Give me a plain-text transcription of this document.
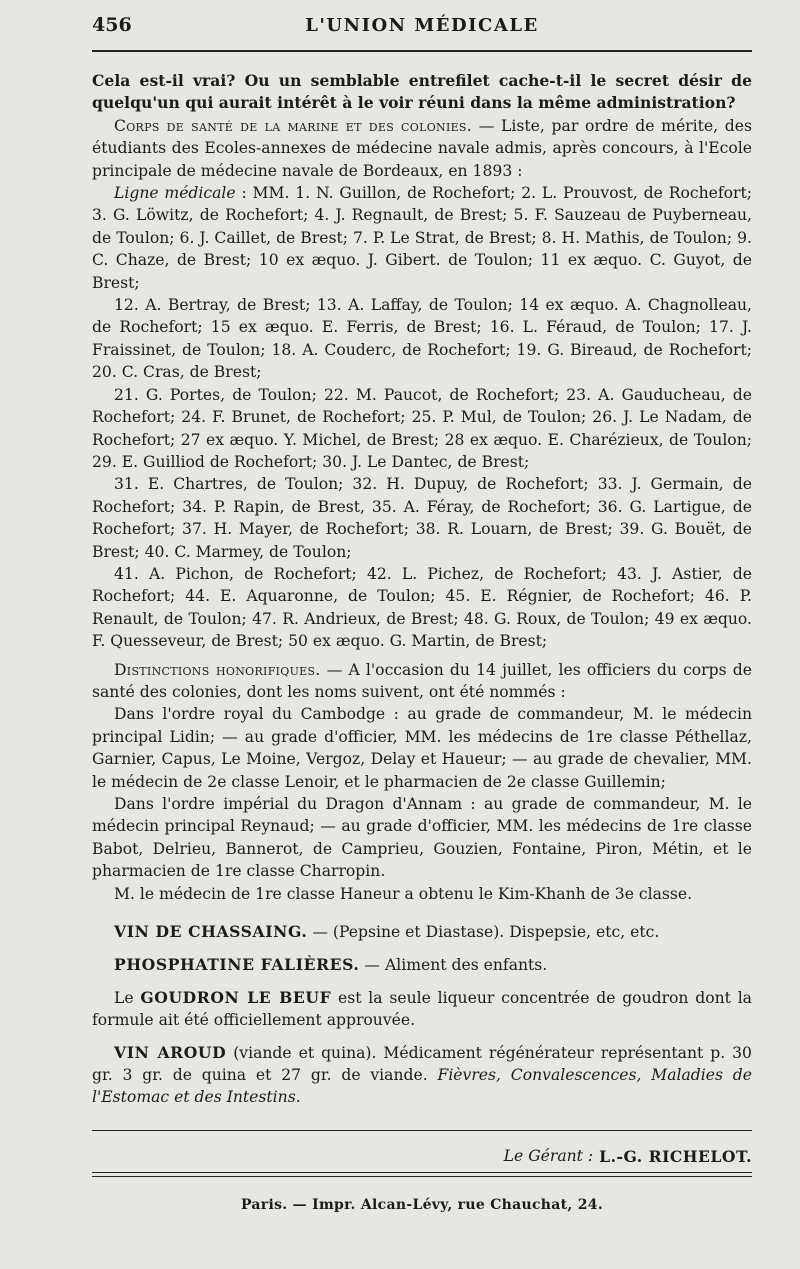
456	L'UNION MÉDICALE

Cela est-il vrai? Ou un semblable entrefilet cache-t-il le secret désir de quelqu'un qui aurait intérêt à le voir réuni dans la même administration?

Corps de santé de la marine et des colonies. — Liste, par ordre de mérite, des étudiants des Ecoles-annexes de médecine navale admis, après concours, à l'Ecole principale de médecine navale de Bordeaux, en 1893 :

Ligne médicale : MM. 1. N. Guillon, de Rochefort; 2. L. Prouvost, de Rochefort; 3. G. Löwitz, de Rochefort; 4. J. Regnault, de Brest; 5. F. Sauzeau de Puyberneau, de Toulon; 6. J. Caillet, de Brest; 7. P. Le Strat, de Brest; 8. H. Mathis, de Toulon; 9. C. Chaze, de Brest; 10 ex æquo. J. Gibert. de Toulon; 11 ex æquo. C. Guyot, de Brest;

12. A. Bertray, de Brest; 13. A. Laffay, de Toulon; 14 ex æquo. A. Chagnolleau, de Rochefort; 15 ex æquo. E. Ferris, de Brest; 16. L. Féraud, de Toulon; 17. J. Fraissinet, de Toulon; 18. A. Couderc, de Rochefort; 19. G. Bireaud, de Rochefort; 20. C. Cras, de Brest;

21. G. Portes, de Toulon; 22. M. Paucot, de Rochefort; 23. A. Gauducheau, de Rochefort; 24. F. Brunet, de Rochefort; 25. P. Mul, de Toulon; 26. J. Le Nadam, de Rochefort; 27 ex æquo. Y. Michel, de Brest; 28 ex æquo. E. Charézieux, de Toulon; 29. E. Guilliod de Rochefort; 30. J. Le Dantec, de Brest;

31. E. Chartres, de Toulon; 32. H. Dupuy, de Rochefort; 33. J. Germain, de Rochefort; 34. P. Rapin, de Brest, 35. A. Féray, de Rochefort; 36. G. Lartigue, de Rochefort; 37. H. Mayer, de Rochefort; 38. R. Louarn, de Brest; 39. G. Bouët, de Brest; 40. C. Marmey, de Toulon;

41. A. Pichon, de Rochefort; 42. L. Pichez, de Rochefort; 43. J. Astier, de Rochefort; 44. E. Aquaronne, de Toulon; 45. E. Régnier, de Rochefort; 46. P. Renault, de Toulon; 47. R. Andrieux, de Brest; 48. G. Roux, de Toulon; 49 ex æquo. F. Quesseveur, de Brest; 50 ex æquo. G. Martin, de Brest;

Distinctions honorifiques. — A l'occasion du 14 juillet, les officiers du corps de santé des colonies, dont les noms suivent, ont été nommés :

Dans l'ordre royal du Cambodge : au grade de commandeur, M. le médecin principal Lidin; — au grade d'officier, MM. les médecins de 1re classe Péthellaz, Garnier, Capus, Le Moine, Vergoz, Delay et Haueur; — au grade de chevalier, MM. le médecin de 2e classe Lenoir, et le pharmacien de 2e classe Guillemin;

Dans l'ordre impérial du Dragon d'Annam : au grade de commandeur, M. le médecin principal Reynaud; — au grade d'officier, MM. les médecins de 1re classe Babot, Delrieu, Bannerot, de Camprieu, Gouzien, Fontaine, Piron, Métin, et le pharmacien de 1re classe Charropin.

M. le médecin de 1re classe Haneur a obtenu le Kim-Khanh de 3e classe.

VIN DE CHASSAING. — (Pepsine et Diastase). Dispepsie, etc, etc.

PHOSPHATINE FALIÈRES. — Aliment des enfants.

Le GOUDRON LE BEUF est la seule liqueur concentrée de goudron dont la formule ait été officiellement approuvée.

VIN AROUD (viande et quina). Médicament régénérateur représentant p. 30 gr. 3 gr. de quina et 27 gr. de viande. Fièvres, Convalescences, Maladies de l'Estomac et des Intestins.

Le Gérant : L.-G. RICHELOT.
Paris. — Impr. Alcan-Lévy, rue Chauchat, 24.
